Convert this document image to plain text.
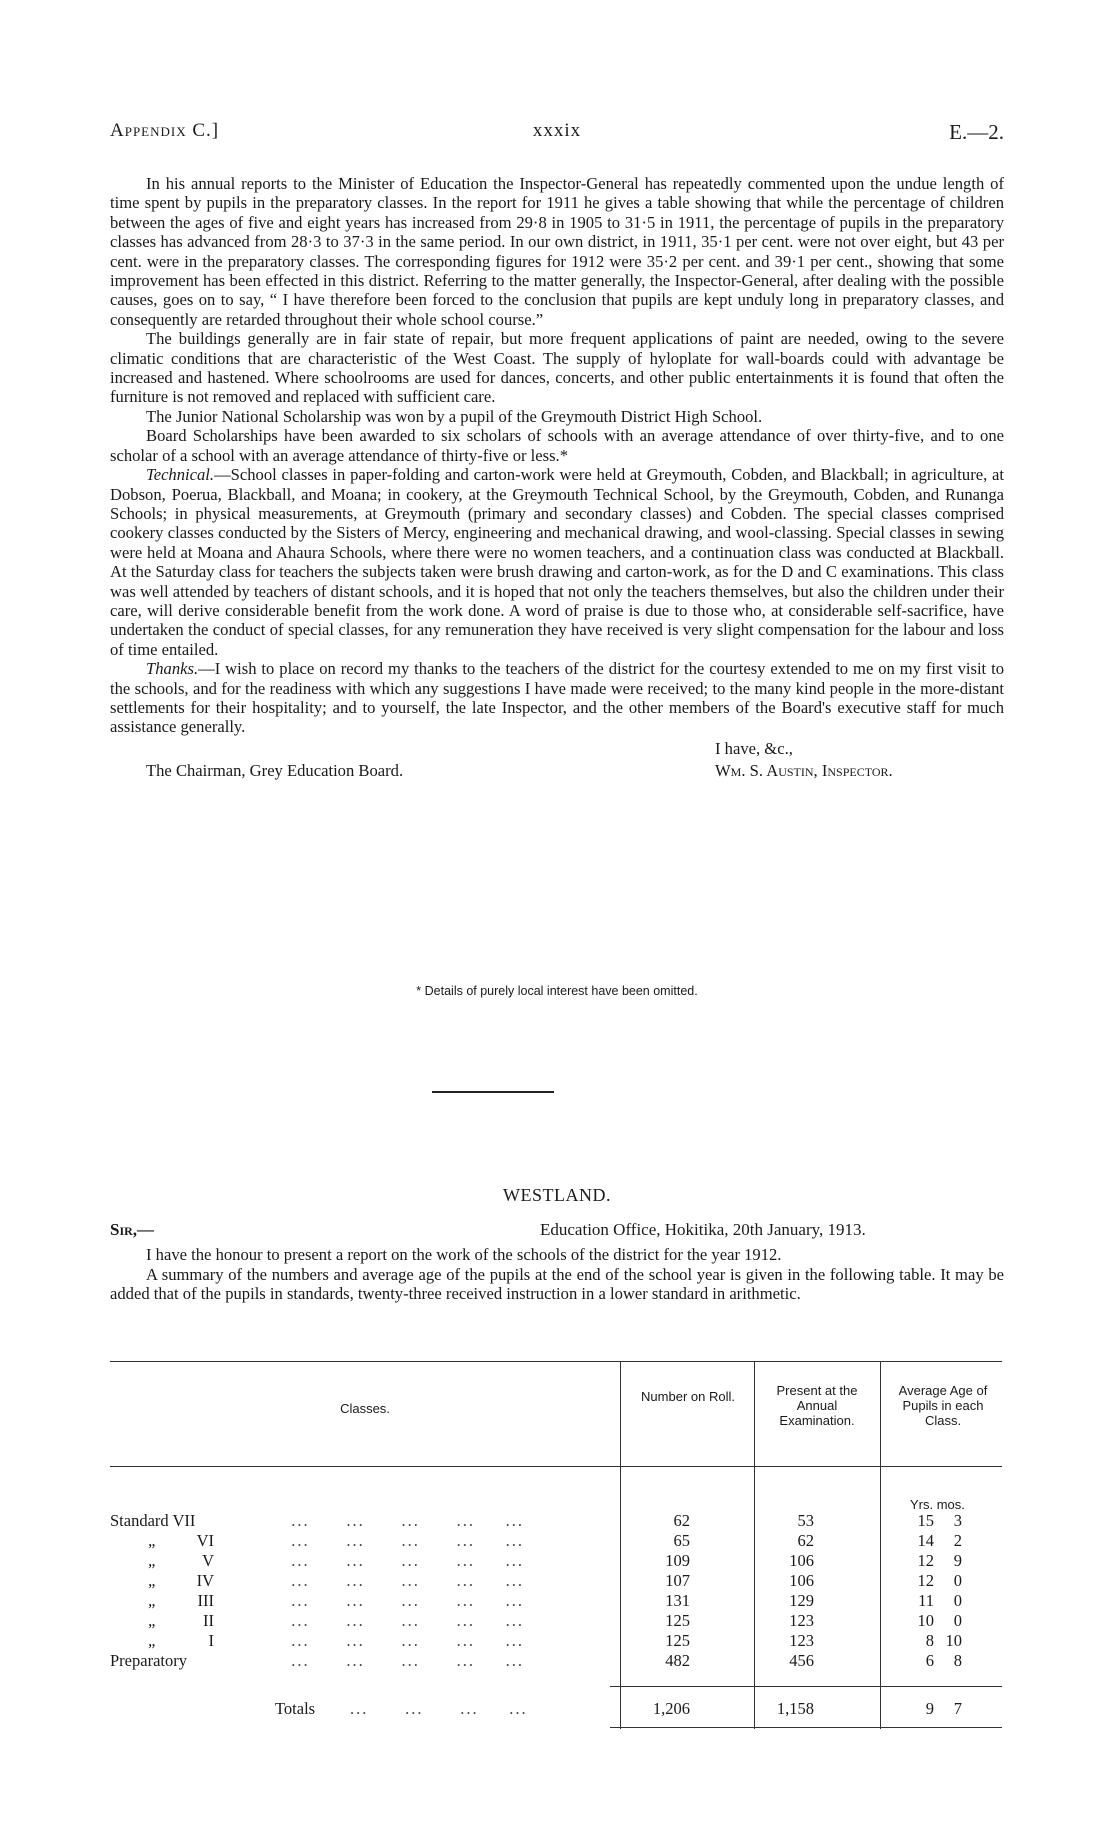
Appendix C.]	xxxix	E.—2.

In his annual reports to the Minister of Education the Inspector-General has repeatedly commented upon the undue length of time spent by pupils in the preparatory classes. In the report for 1911 he gives a table showing that while the percentage of children between the ages of five and eight years has increased from 29·8 in 1905 to 31·5 in 1911, the percentage of pupils in the preparatory classes has advanced from 28·3 to 37·3 in the same period. In our own district, in 1911, 35·1 per cent. were not over eight, but 43 per cent. were in the preparatory classes. The corresponding figures for 1912 were 35·2 per cent. and 39·1 per cent., showing that some improvement has been effected in this district. Referring to the matter generally, the Inspector-General, after dealing with the possible causes, goes on to say, “ I have therefore been forced to the conclusion that pupils are kept unduly long in preparatory classes, and consequently are retarded throughout their whole school course.”

The buildings generally are in fair state of repair, but more frequent applications of paint are needed, owing to the severe climatic conditions that are characteristic of the West Coast. The supply of hyloplate for wall-boards could with advantage be increased and hastened. Where schoolrooms are used for dances, concerts, and other public entertainments it is found that often the furniture is not removed and replaced with sufficient care.

The Junior National Scholarship was won by a pupil of the Greymouth District High School.

Board Scholarships have been awarded to six scholars of schools with an average attendance of over thirty-five, and to one scholar of a school with an average attendance of thirty-five or less.*

Technical.—School classes in paper-folding and carton-work were held at Greymouth, Cobden, and Blackball; in agriculture, at Dobson, Poerua, Blackball, and Moana; in cookery, at the Greymouth Technical School, by the Greymouth, Cobden, and Runanga Schools; in physical measurements, at Greymouth (primary and secondary classes) and Cobden. The special classes comprised cookery classes conducted by the Sisters of Mercy, engineering and mechanical drawing, and wool-classing. Special classes in sewing were held at Moana and Ahaura Schools, where there were no women teachers, and a continuation class was conducted at Blackball. At the Saturday class for teachers the subjects taken were brush drawing and carton-work, as for the D and C examinations. This class was well attended by teachers of distant schools, and it is hoped that not only the teachers themselves, but also the children under their care, will derive considerable benefit from the work done. A word of praise is due to those who, at considerable self-sacrifice, have undertaken the conduct of special classes, for any remuneration they have received is very slight compensation for the labour and loss of time entailed.

Thanks.—I wish to place on record my thanks to the teachers of the district for the courtesy extended to me on my first visit to the schools, and for the readiness with which any suggestions I have made were received; to the many kind people in the more-distant settlements for their hospitality; and to yourself, the late Inspector, and the other members of the Board's executive staff for much assistance generally.

I have, &c.,
The Chairman, Grey Education Board.	Wm. S. Austin, Inspector.
* Details of purely local interest have been omitted.
WESTLAND.
Sir,—	Education Office, Hokitika, 20th January, 1913.

I have the honour to present a report on the work of the schools of the district for the year 1912.

A summary of the numbers and average age of the pupils at the end of the school year is given in the following table. It may be added that of the pupils in standards, twenty-three received instruction in a lower standard in arithmetic.

Classes.
Number on Roll.	Present at the Annual Examination.
Average Age of Pupils in each Class.
Yrs. mos.
Standard VII ...      ...      ...      ...     ...	62	53	15	3
„	VI ...      ...      ...      ...     ...	65	62	14	2
„	V ...      ...      ...      ...     ...	109	106	12	9
„	IV ...      ...      ...      ...     ...	107	106	12	0
„	III ...      ...      ...      ...     ...	131	129	11	0
„	II ...      ...      ...      ...     ...	125	123	10	0
„	I ...      ...      ...      ...     ...	125	123	8 10
Preparatory	...      ...      ...      ...     ...	482	456	6	8
Totals ...      ...      ...     ...	1,206	1,158	9	7
